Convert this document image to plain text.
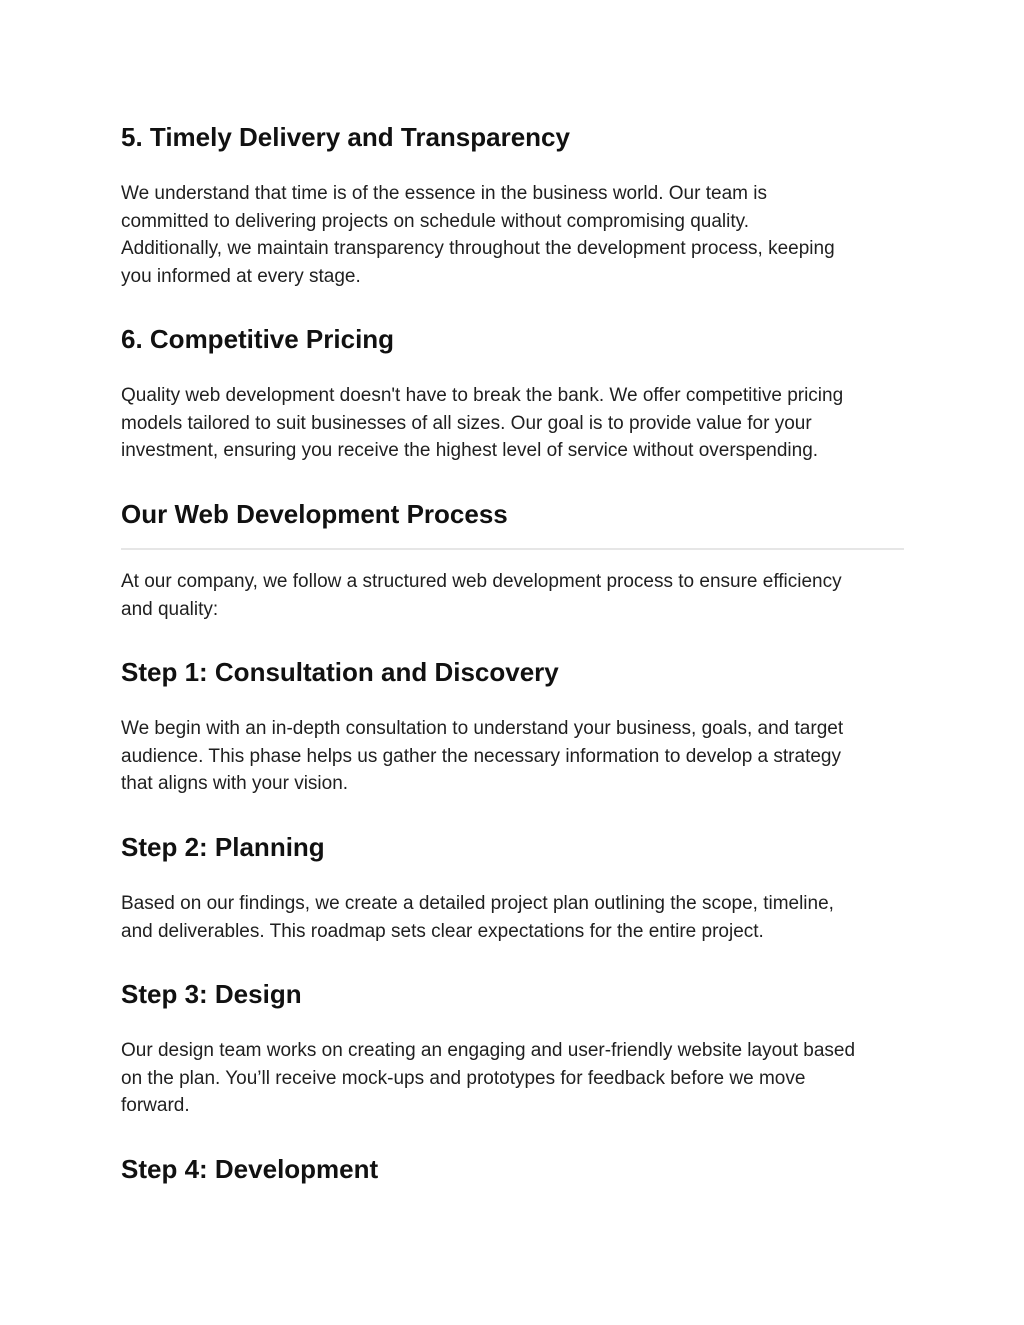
5. Timely Delivery and Transparency

We understand that time is of the essence in the business world. Our team is
committed to delivering projects on schedule without compromising quality.
Additionally, we maintain transparency throughout the development process, keeping
you informed at every stage.

6. Competitive Pricing

Quality web development doesn't have to break the bank. We offer competitive pricing
models tailored to suit businesses of all sizes. Our goal is to provide value for your
investment, ensuring you receive the highest level of service without overspending.

Our Web Development Process

At our company, we follow a structured web development process to ensure efficiency
and quality:

Step 1: Consultation and Discovery

We begin with an in-depth consultation to understand your business, goals, and target
audience. This phase helps us gather the necessary information to develop a strategy
that aligns with your vision.

Step 2: Planning

Based on our findings, we create a detailed project plan outlining the scope, timeline,
and deliverables. This roadmap sets clear expectations for the entire project.

Step 3: Design

Our design team works on creating an engaging and user-friendly website layout based
on the plan. You’ll receive mock-ups and prototypes for feedback before we move
forward.

Step 4: Development
